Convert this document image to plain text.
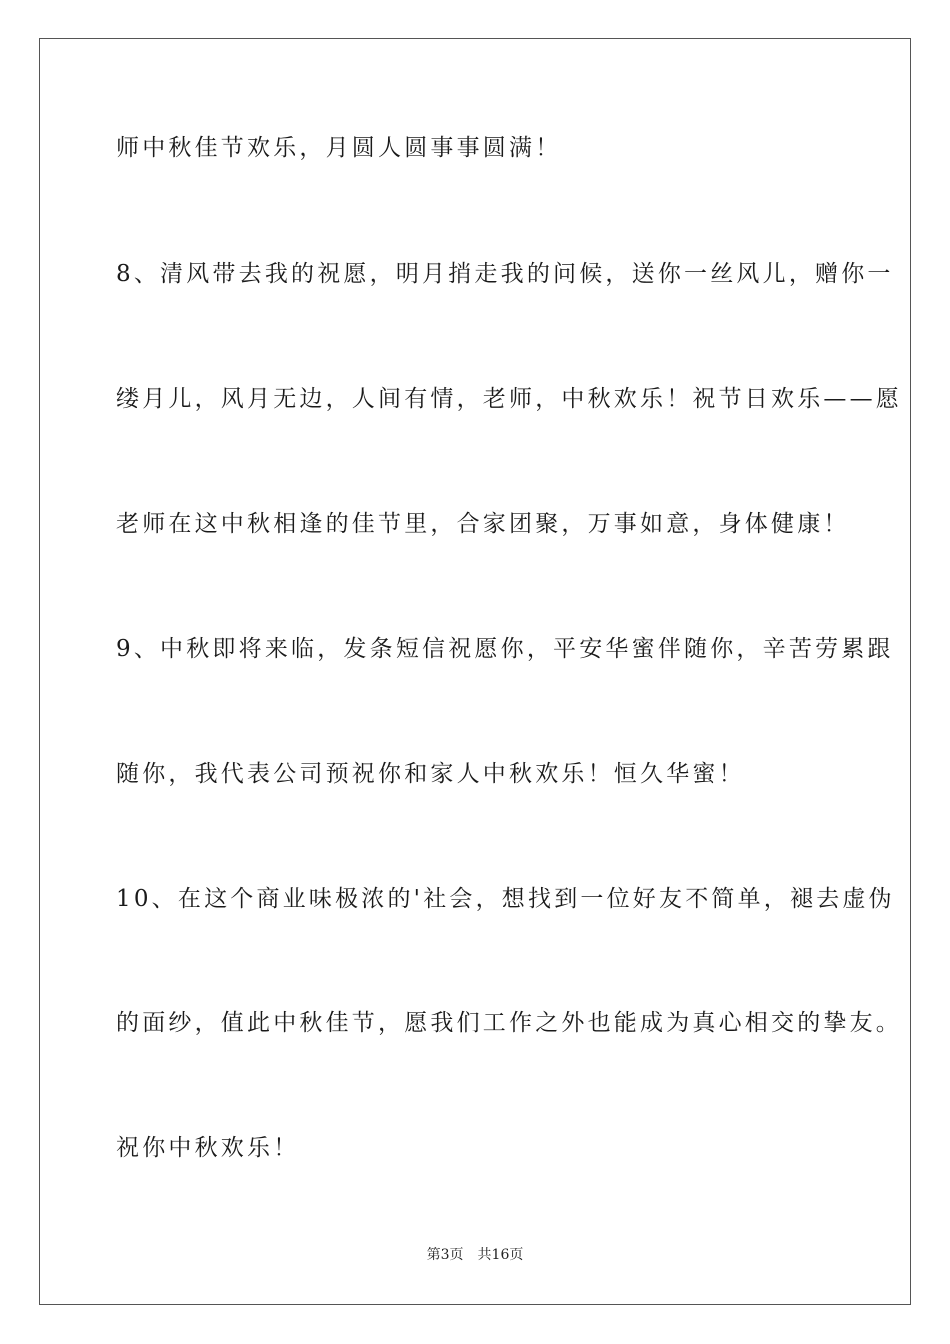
师中秋佳节欢乐，月圆人圆事事圆满！
8、清风带去我的祝愿，明月捎走我的问候，送你一丝风儿，赠你一
缕月儿，风月无边，人间有情，老师，中秋欢乐！祝节日欢乐——愿
老师在这中秋相逢的佳节里，合家团聚，万事如意，身体健康！
9、中秋即将来临，发条短信祝愿你，平安华蜜伴随你，辛苦劳累跟
随你，我代表公司预祝你和家人中秋欢乐！恒久华蜜！
10、在这个商业味极浓的'社会，想找到一位好友不简单，褪去虚伪
的面纱，值此中秋佳节，愿我们工作之外也能成为真心相交的挚友。
祝你中秋欢乐！
第3页 共16页
